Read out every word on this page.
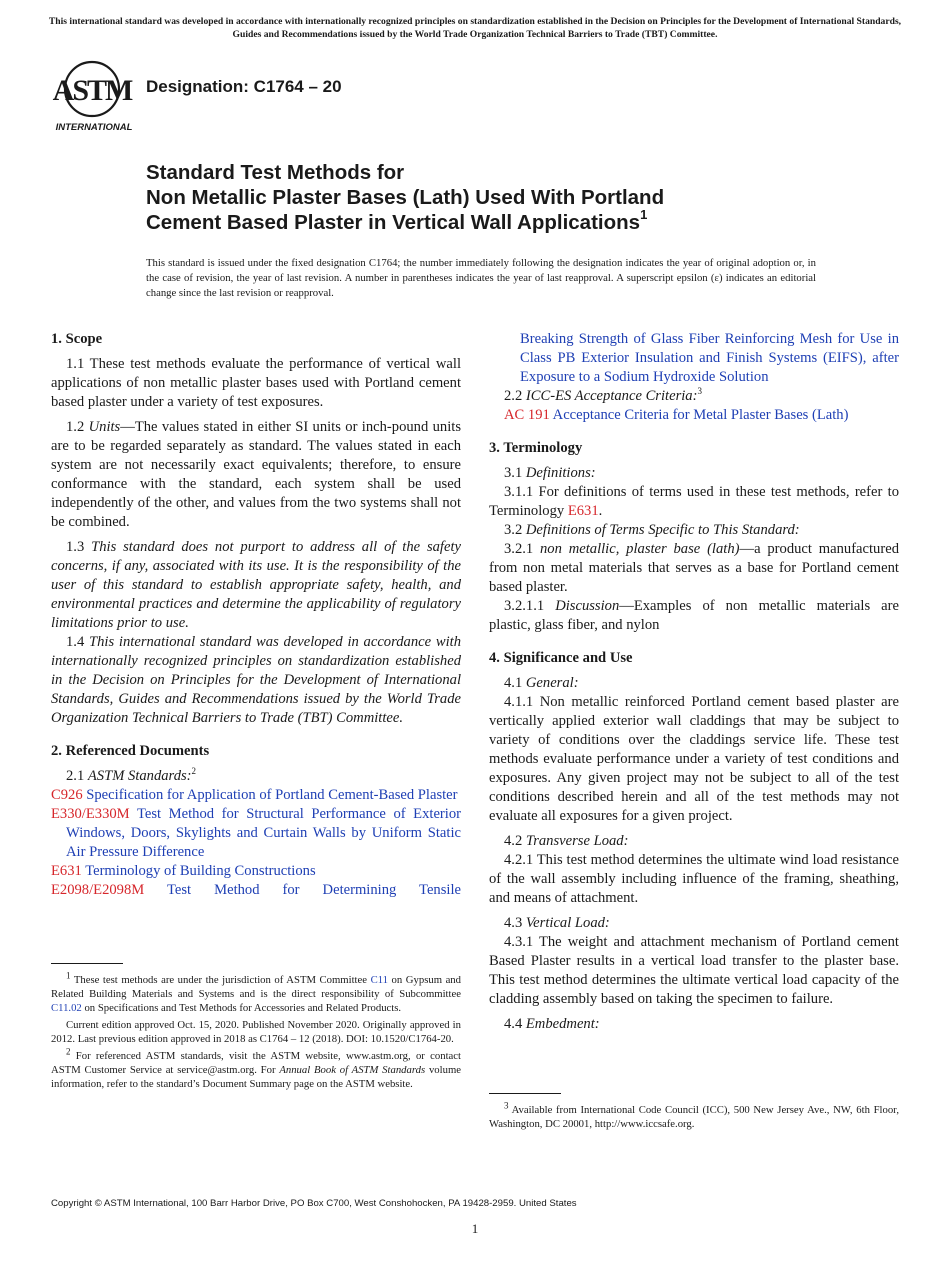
This international standard was developed in accordance with internationally recognized principles on standardization established in the Decision on Principles for the Development of International Standards, Guides and Recommendations issued by the World Trade Organization Technical Barriers to Trade (TBT) Committee.
ASTM
INTERNATIONAL
Designation: C1764 – 20
Standard Test Methods for
Non Metallic Plaster Bases (Lath) Used With Portland
Cement Based Plaster in Vertical Wall Applications$^1$
This standard is issued under the fixed designation C1764; the number immediately following the designation indicates the year of original adoption or, in the case of revision, the year of last revision. A number in parentheses indicates the year of last reapproval. A superscript epsilon (ε) indicates an editorial change since the last revision or reapproval.

1. Scope

1.1 These test methods evaluate the performance of vertical wall applications of non metallic plaster bases used with Portland cement based plaster under a variety of test exposures.

1.2 Units—The values stated in either SI units or inch-pound units are to be regarded separately as standard. The values stated in each system are not necessarily exact equivalents; therefore, to ensure conformance with the standard, each system shall be used independently of the other, and values from the two systems shall not be combined.

1.3 This standard does not purport to address all of the safety concerns, if any, associated with its use. It is the responsibility of the user of this standard to establish appropriate safety, health, and environmental practices and determine the applicability of regulatory limitations prior to use.

1.4 This international standard was developed in accordance with internationally recognized principles on standardization established in the Decision on Principles for the Development of International Standards, Guides and Recommendations issued by the World Trade Organization Technical Barriers to Trade (TBT) Committee.

2. Referenced Documents

2.1 ASTM Standards:$^2$

C926 Specification for Application of Portland Cement-Based Plaster

E330/E330M Test Method for Structural Performance of Exterior Windows, Doors, Skylights and Curtain Walls by Uniform Static Air Pressure Difference

E631 Terminology of Building Constructions

E2098/E2098M Test Method for Determining Tensile

$^1$ These test methods are under the jurisdiction of ASTM Committee C11 on Gypsum and Related Building Materials and Systems and is the direct responsibility of Subcommittee C11.02 on Specifications and Test Methods for Accessories and Related Products.

Current edition approved Oct. 15, 2020. Published November 2020. Originally approved in 2012. Last previous edition approved in 2018 as C1764 – 12 (2018). DOI: 10.1520/C1764-20.

$^2$ For referenced ASTM standards, visit the ASTM website, www.astm.org, or contact ASTM Customer Service at service@astm.org. For Annual Book of ASTM Standards volume information, refer to the standard’s Document Summary page on the ASTM website.

Breaking Strength of Glass Fiber Reinforcing Mesh for Use in Class PB Exterior Insulation and Finish Systems (EIFS), after Exposure to a Sodium Hydroxide Solution

2.2 ICC-ES Acceptance Criteria:$^3$

AC 191 Acceptance Criteria for Metal Plaster Bases (Lath)

3. Terminology

3.1 Definitions:

3.1.1 For definitions of terms used in these test methods, refer to Terminology E631.

3.2 Definitions of Terms Specific to This Standard:

3.2.1 non metallic, plaster base (lath)—a product manufactured from non metal materials that serves as a base for Portland cement based plaster.

3.2.1.1 Discussion—Examples of non metallic materials are plastic, glass fiber, and nylon

4. Significance and Use

4.1 General:

4.1.1 Non metallic reinforced Portland cement based plaster are vertically applied exterior wall claddings that may be subject to variety of conditions over the claddings service life. These test methods evaluate performance under a variety of test conditions and exposures. Any given project may not be subject to all of the test conditions described herein and all of the test methods may not evaluate all exposures for a given project.

4.2 Transverse Load:

4.2.1 This test method determines the ultimate wind load resistance of the wall assembly including influence of the framing, sheathing, and means of attachment.

4.3 Vertical Load:

4.3.1 The weight and attachment mechanism of Portland cement Based Plaster results in a vertical load transfer to the plaster base. This test method determines the ultimate vertical load capacity of the cladding assembly based on taking the specimen to failure.

4.4 Embedment:

$^3$ Available from International Code Council (ICC), 500 New Jersey Ave., NW, 6th Floor, Washington, DC 20001, http://www.iccsafe.org.

Copyright © ASTM International, 100 Barr Harbor Drive, PO Box C700, West Conshohocken, PA 19428-2959. United States
1
